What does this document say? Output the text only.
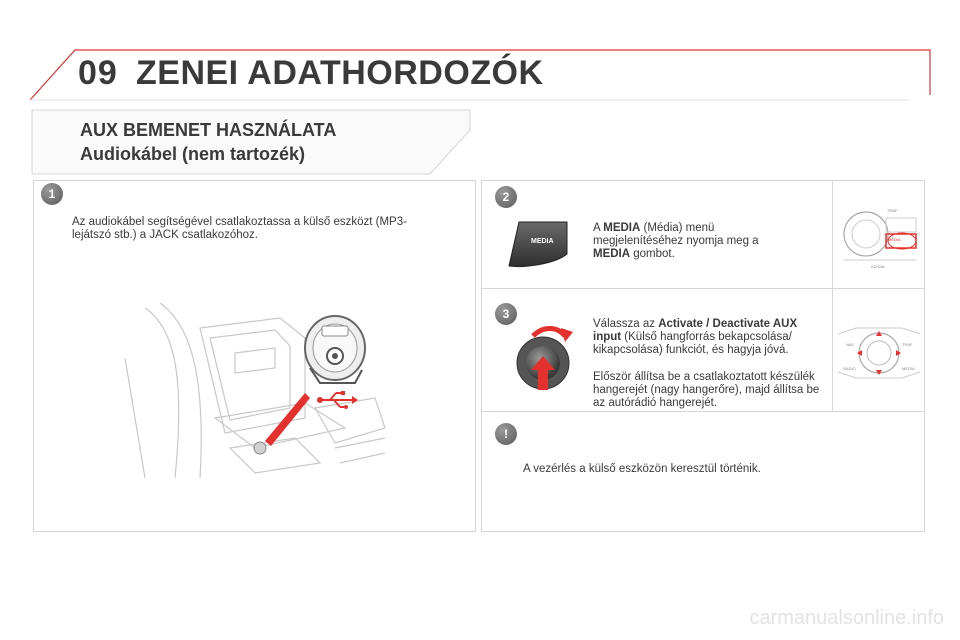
09 ZENEI ADATHORDOZÓK
AUX BEMENET HASZNÁLATA
Audiokábel (nem tartozék)
1
Az audiokábel segítségével csatlakoztassa a külső eszközt (MP3-lejátszó stb.) a JACK csatlakozóhoz.
2
MEDIA
A MEDIA (Média) menü megjelenítéséhez nyomja meg a MEDIA gombot.
TRAF
MEDIA
AD/DAL
3
Válassza az Activate / Deactivate AUX input (Külső hangforrás bekapcsolása/ kikapcsolása) funkciót, és hagyja jóvá.
Először állítsa be a csatlakoztatott készülék hangerejét (nagy hangerőre), majd állítsa be az autórádió hangerejét.
NAV	TRAF
RADIO	MEDIA
!
A vezérlés a külső eszközön keresztül történik.
carmanualsonline.info
